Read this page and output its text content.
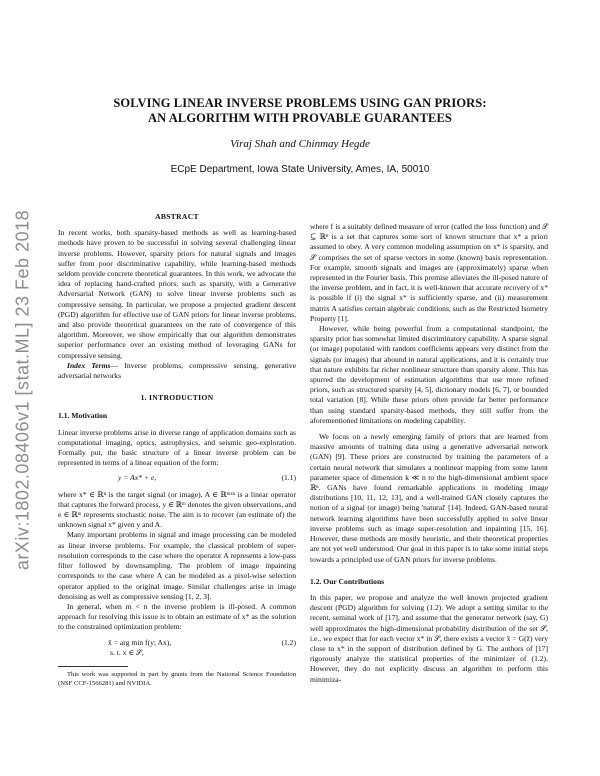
arXiv:1802.08406v1 [stat.ML] 23 Feb 2018
SOLVING LINEAR INVERSE PROBLEMS USING GAN PRIORS:
AN ALGORITHM WITH PROVABLE GUARANTEES
Viraj Shah and Chinmay Hegde
ECpE Department, Iowa State University, Ames, IA, 50010
ABSTRACT

In recent works, both sparsity-based methods as well as learning-based methods have proven to be successful in solving several challenging linear inverse problems. However, sparsity priors for natural signals and images suffer from poor discriminative capability, while learning-based methods seldom provide concrete theoretical guarantees. In this work, we advocate the idea of replacing hand-crafted priors, such as sparsity, with a Generative Adversarial Network (GAN) to solve linear inverse problems such as compressive sensing. In particular, we propose a projected gradient descent (PGD) algorithm for effective use of GAN priors for linear inverse problems, and also provide theoretical guarantees on the rate of convergence of this algorithm. Moreover, we show empirically that our algorithm demonstrates superior performance over an existing method of leveraging GANs for compressive sensing.

Index Terms— Inverse problems, compressive sensing, generative adversarial networks

1. INTRODUCTION
1.1. Motivation

Linear inverse problems arise in diverse range of application domains such as computational imaging, optics, astrophysics, and seismic geo-exploration. Formally put, the basic structure of a linear inverse problem can be represented in terms of a linear equation of the form:

y = Ax* + e,	(1.1)

where x* ∈ ℝⁿ is the target signal (or image), A ∈ ℝᵐˣⁿ is a linear operator that captures the forward process, y ∈ ℝᵐ denotes the given observations, and e ∈ ℝᵐ represents stochastic noise. The aim is to recover (an estimate of) the unknown signal x* given y and A.

Many important problems in signal and image processing can be modeled as linear inverse problems. For example, the classical problem of super-resolution corresponds to the case where the operator A represents a low-pass filter followed by downsampling. The problem of image inpainting corresponds to the case where A can be modeled as a pixel-wise selection operator applied to the original image. Similar challenges arise in image denoising as well as compressive sensing [1, 2, 3].

In general, when m < n the inverse problem is ill-posed. A common approach for resolving this issue is to obtain an estimate of x* as the solution to the constrained optimization problem:

x̂ = arg min f(y; Ax),
s. t. x ∈ 𝒮,
(1.2)
This work was supported in part by grants from the National Science Foundation (NSF CCF-1566281) and NVIDIA.

where f is a suitably defined measure of error (called the loss function) and 𝒮 ⊆ ℝⁿ is a set that captures some sort of known structure that x* a priori assumed to obey. A very common modeling assumption on x* is sparsity, and 𝒮 comprises the set of sparse vectors in some (known) basis representation. For example, smooth signals and images are (approximately) sparse when represented in the Fourier basis. This premise alleviates the ill-posed nature of the inverse problem, and in fact, it is well-known that accurate recovery of x* is possible if (i) the signal x* is sufficiently sparse, and (ii) measurement matrix A satisfies certain algebraic conditions, such as the Restricted Isometry Property [1].

However, while being powerful from a computational standpoint, the sparsity prior has somewhat limited discriminatory capability. A sparse signal (or image) populated with random coefficients appears very distinct from the signals (or images) that abound in natural applications, and it is certainly true that nature exhibits far richer nonlinear structure than sparsity alone. This has spurred the development of estimation algorithms that use more refined priors, such as structured sparsity [4, 5], dictionary models [6, 7], or bounded total variation [8]. While these priors often provide far better performance than using standard sparsity-based methods, they still suffer from the aforementioned limitations on modeling capability.

We focus on a newly emerging family of priors that are learned from massive amounts of training data using a generative adversarial network (GAN) [9]. These priors are constructed by training the parameters of a certain neural network that simulates a nonlinear mapping from some latent parameter space of dimension k ≪ n to the high-dimensional ambient space ℝⁿ. GANs have found remarkable applications in modeling image distributions [10, 11, 12, 13], and a well-trained GAN closely captures the notion of a signal (or image) being 'natural' [14]. Indeed, GAN-based neural network learning algorithms have been successfully applied to solve linear inverse problems such as image super-resolution and inpainting [15, 16]. However, these methods are mostly heuristic, and their theoretical properties are not yet well understood. Our goal in this paper is to take some initial steps towards a principled use of GAN priors for inverse problems.

1.2. Our Contributions

In this paper, we propose and analyze the well known projected gradient descent (PGD) algorithm for solving (1.2). We adopt a setting similar to the recent, seminal work of [17], and assume that the generator network (say, G) well approximates the high-dimensional probability distribution of the set 𝒮, i.e., we expect that for each vector x* in 𝒮, there exists a vector x̂ = G(ẑ) very close to x* in the support of distribution defined by G. The authors of [17] rigorously analyze the statistical properties of the minimizer of (1.2). However, they do not explicitly discuss an algorithm to perform this minimiza-
